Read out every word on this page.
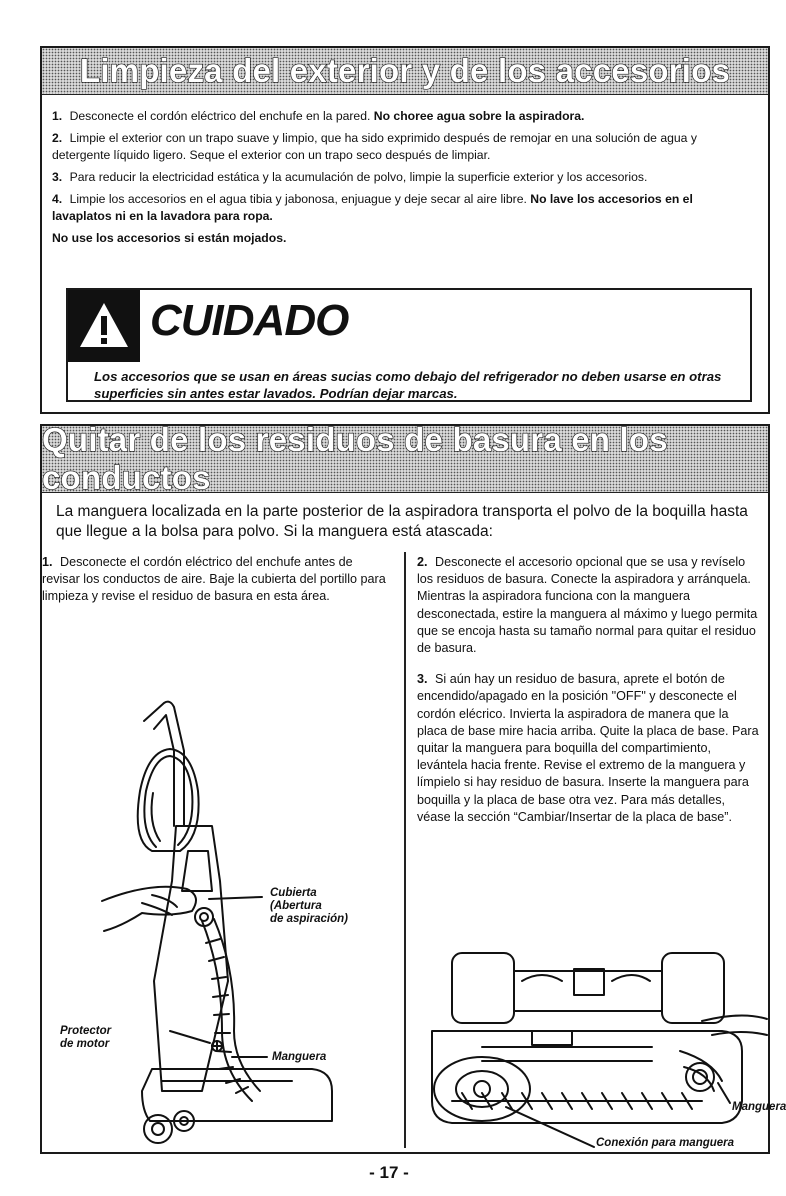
Limpieza del exterior y de los accesorios

1. Desconecte el cordón eléctrico del enchufe en la pared. No choree agua sobre la aspiradora.

2. Limpie el exterior con un trapo suave y limpio, que ha sido exprimido después de remojar en una solución de agua y detergente líquido ligero. Seque el exterior con un trapo seco después de limpiar.

3. Para reducir la electricidad estática y la acumulación de polvo, limpie la superficie exterior y los accesorios.

4. Limpie los accesorios en el agua tibia y jabonosa, enjuague y deje secar al aire libre. No lave los accesorios en el lavaplatos ni en la lavadora para ropa.

No use los accesorios si están mojados.

CUIDADO

Los accesorios que se usan en áreas sucias como debajo del refrigerador no deben usarse en otras superficies sin antes estar lavados. Podrían dejar marcas.

Quitar de los residuos de basura en los conductos

La manguera localizada en la parte posterior de la aspiradora transporta el polvo de la boquilla hasta que llegue a la bolsa para polvo. Si la manguera está atascada:

1. Desconecte el cordón eléctrico del enchufe antes de revisar los conductos de aire. Baje la cubierta del portillo para limpieza y revise el residuo de basura en esta área.

2. Desconecte el accesorio opcional que se usa y revíselo los residuos de basura. Conecte la aspiradora y arránquela. Mientras la aspiradora funciona con la manguera desconectada, estire la manguera al máximo y luego permita que se encoja hasta su tamaño normal para quitar el residuo de basura.

3. Si aún hay un residuo de basura, aprete el botón de encendido/apagado en la posición "OFF" y desconecte el cordón elécrico. Invierta la aspiradora de manera que la placa de base mire hacia arriba. Quite la placa de base. Para quitar la manguera para boquilla del compartimiento, levántela hacia frente. Revise el extremo de la manguera y límpielo si hay residuo de basura. Inserte la manguera para boquilla y la placa de base otra vez. Para más detalles, véase la sección “Cambiar/Insertar de la placa de base”.

Cubierta
(Abertura
de aspiración)
Protector
de motor
Manguera
Manguera
Conexión para manguera
- 17 -
